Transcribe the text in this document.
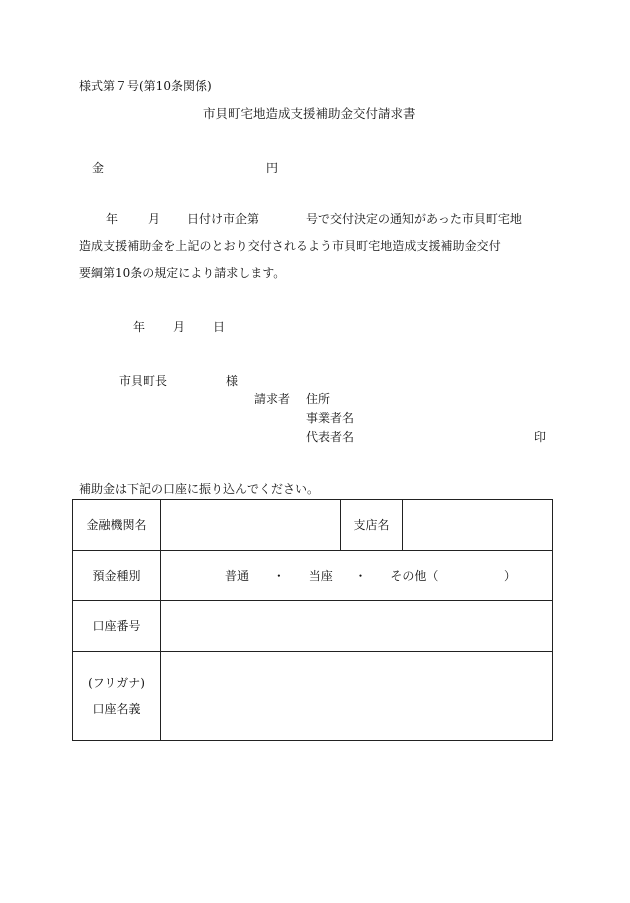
様式第７号(第10条関係)
市貝町宅地造成支援補助金交付請求書
金	円
年 月 日付け市企第	号で交付決定の通知があった市貝町宅地
造成支援補助金を上記のとおり交付されるよう市貝町宅地造成支援補助金交付
要綱第10条の規定により請求します。
年 月 日
市貝町長	様
請求者 住所
事業者名
代表者名	印
補助金は下記の口座に振り込んでください。
金融機関名		支店名	
預金種別	普通 ・ 当座 ・ その他（ ）		
口座番号			

(フリガナ)
口座名義			
